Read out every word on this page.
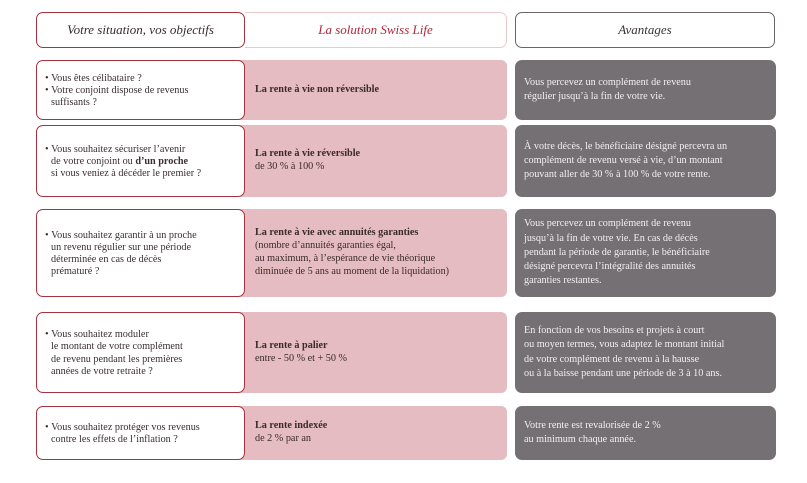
Votre situation, vos objectifs	La solution Swiss Life	Avantages
La rente à vie non réversible
• Vous êtes célibataire ?
• Votre conjoint dispose de revenus
suffisants ?
Vous percevez un complément de revenu
régulier jusqu’à la fin de votre vie.
La rente à vie réversible
de 30 % à 100 %
• Vous souhaitez sécuriser l’avenir
de votre conjoint ou d’un proche
si vous veniez à décéder le premier ?
À votre décès, le bénéficiaire désigné percevra un
complément de revenu versé à vie, d’un montant
pouvant aller de 30 % à 100 % de votre rente.
La rente à vie avec annuités garanties
(nombre d’annuités garanties égal,
au maximum, à l’espérance de vie théorique
diminuée de 5 ans au moment de la liquidation)
• Vous souhaitez garantir à un proche
un revenu régulier sur une période
déterminée en cas de décès
prématuré ?
Vous percevez un complément de revenu
jusqu’à la fin de votre vie. En cas de décès
pendant la période de garantie, le bénéficiaire
désigné percevra l’intégralité des annuités
garanties restantes.
La rente à palier
entre - 50 % et + 50 %
• Vous souhaitez moduler
le montant de votre complément
de revenu pendant les premières
années de votre retraite ?
En fonction de vos besoins et projets à court
ou moyen termes, vous adaptez le montant initial
de votre complément de revenu à la hausse
ou à la baisse pendant une période de 3 à 10 ans.
La rente indexée
de 2 % par an
• Vous souhaitez protéger vos revenus
contre les effets de l’inflation ?
Votre rente est revalorisée de 2 %
au minimum chaque année.
